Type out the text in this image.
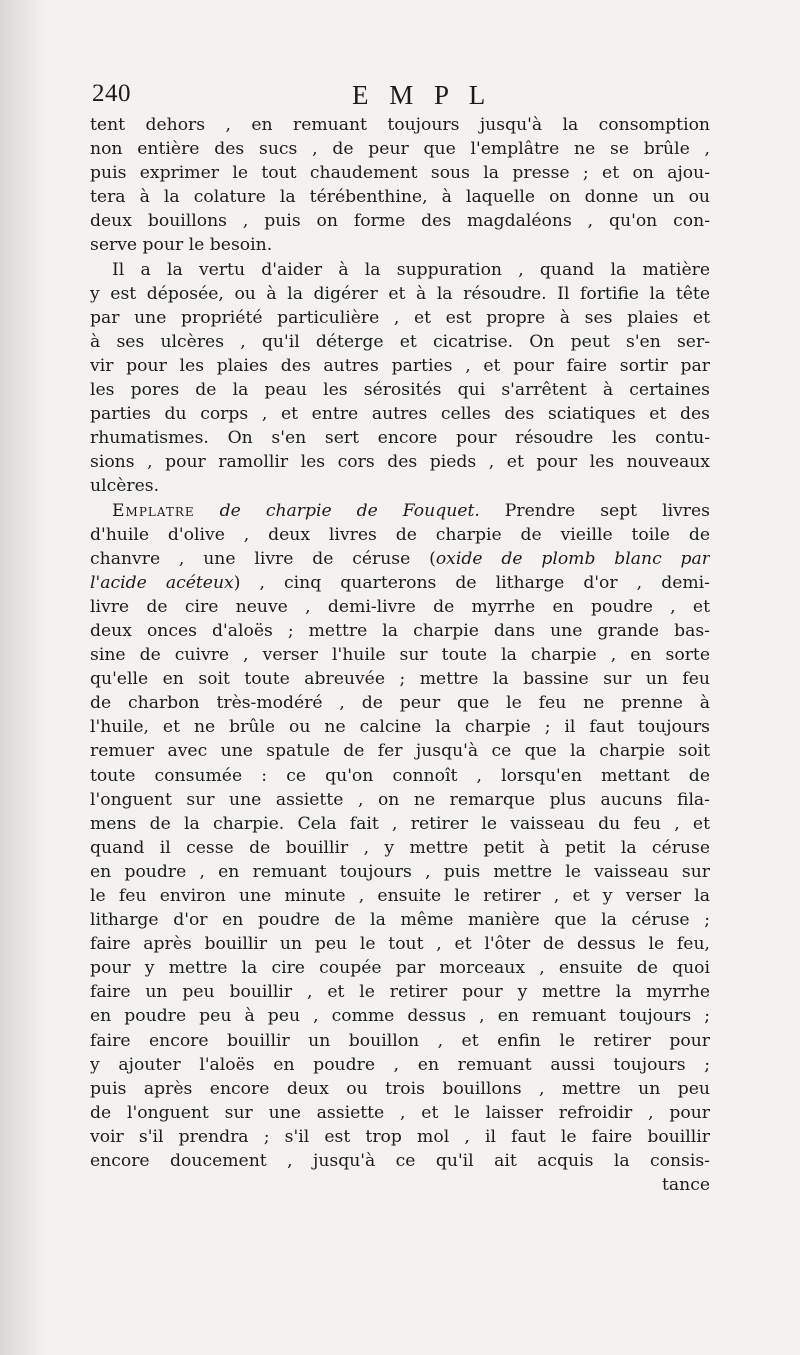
240	E M P L
tent dehors , en remuant toujours jusqu'à la consomption
non entière des sucs , de peur que l'emplâtre ne se brûle ,
puis exprimer le tout chaudement sous la presse ; et on ajou-
tera à la colature la térébenthine, à laquelle on donne un ou
deux bouillons , puis on forme des magdaléons , qu'on con-
serve pour le besoin.
Il a la vertu d'aider à la suppuration , quand la matière
y est déposée, ou à la digérer et à la résoudre. Il fortifie la tête
par une propriété particulière , et est propre à ses plaies et
à ses ulcères , qu'il déterge et cicatrise. On peut s'en ser-
vir pour les plaies des autres parties , et pour faire sortir par
les pores de la peau les sérosités qui s'arrêtent à certaines
parties du corps , et entre autres celles des sciatiques et des
rhumatismes. On s'en sert encore pour résoudre les contu-
sions , pour ramollir les cors des pieds , et pour les nouveaux
ulcères.
Emplatre de charpie de Fouquet. Prendre sept livres
d'huile d'olive , deux livres de charpie de vieille toile de
chanvre , une livre de céruse (oxide de plomb blanc par
l'acide acéteux) , cinq quarterons de litharge d'or , demi-
livre de cire neuve , demi-livre de myrrhe en poudre , et
deux onces d'aloës ; mettre la charpie dans une grande bas-
sine de cuivre , verser l'huile sur toute la charpie , en sorte
qu'elle en soit toute abreuvée ; mettre la bassine sur un feu
de charbon très-modéré , de peur que le feu ne prenne à
l'huile, et ne brûle ou ne calcine la charpie ; il faut toujours
remuer avec une spatule de fer jusqu'à ce que la charpie soit
toute consumée : ce qu'on connoît , lorsqu'en mettant de
l'onguent sur une assiette , on ne remarque plus aucuns fila-
mens de la charpie. Cela fait , retirer le vaisseau du feu , et
quand il cesse de bouillir , y mettre petit à petit la céruse
en poudre , en remuant toujours , puis mettre le vaisseau sur
le feu environ une minute , ensuite le retirer , et y verser la
litharge d'or en poudre de la même manière que la céruse ;
faire après bouillir un peu le tout , et l'ôter de dessus le feu,
pour y mettre la cire coupée par morceaux , ensuite de quoi
faire un peu bouillir , et le retirer pour y mettre la myrrhe
en poudre peu à peu , comme dessus , en remuant toujours ;
faire encore bouillir un bouillon , et enfin le retirer pour
y ajouter l'aloës en poudre , en remuant aussi toujours ;
puis après encore deux ou trois bouillons , mettre un peu
de l'onguent sur une assiette , et le laisser refroidir , pour
voir s'il prendra ; s'il est trop mol , il faut le faire bouillir
encore doucement , jusqu'à ce qu'il ait acquis la consis-
tance
